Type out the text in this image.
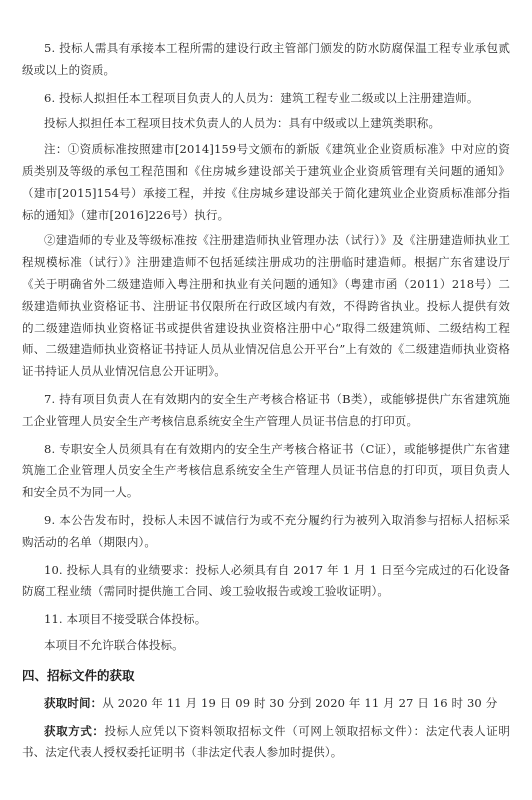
5. 投标人需具有承接本工程所需的建设行政主管部门颁发的防水防腐保温工程专业承包贰级或以上的资质。

6. 投标人拟担任本工程项目负责人的人员为：建筑工程专业二级或以上注册建造师。

投标人拟担任本工程项目技术负责人的人员为：具有中级或以上建筑类职称。

注：①资质标准按照建市[2014]159号文颁布的新版《建筑业企业资质标准》中对应的资质类别及等级的承包工程范围和《住房城乡建设部关于建筑业企业资质管理有关问题的通知》（建市[2015]154号）承接工程，并按《住房城乡建设部关于简化建筑业企业资质标准部分指标的通知》（建市[2016]226号）执行。

②建造师的专业及等级标准按《注册建造师执业管理办法（试行）》及《注册建造师执业工程规模标准（试行）》注册建造师不包括延续注册成功的注册临时建造师。根据广东省建设厅《关于明确省外二级建造师入粤注册和执业有关问题的通知》（粤建市函（2011）218号）二级建造师执业资格证书、注册证书仅限所在行政区域内有效，不得跨省执业。投标人提供有效的二级建造师执业资格证书或提供省建设执业资格注册中心“取得二级建筑师、二级结构工程师、二级建造师执业资格证书持证人员从业情况信息公开平台”上有效的《二级建造师执业资格证书持证人员从业情况信息公开证明》。

7. 持有项目负责人在有效期内的安全生产考核合格证书（B类），或能够提供广东省建筑施工企业管理人员安全生产考核信息系统安全生产管理人员证书信息的打印页。

8. 专职安全人员须具有在有效期内的安全生产考核合格证书（C证），或能够提供广东省建筑施工企业管理人员安全生产考核信息系统安全生产管理人员证书信息的打印页，项目负责人和安全员不为同一人。

9. 本公告发布时，投标人未因不诚信行为或不充分履约行为被列入取消参与招标人招标采购活动的名单（期限内）。

10. 投标人具有的业绩要求：投标人必须具有自 2017 年 1 月 1 日至今完成过的石化设备防腐工程业绩（需同时提供施工合同、竣工验收报告或竣工验收证明）。

11. 本项目不接受联合体投标。

本项目不允许联合体投标。

四、招标文件的获取

获取时间：从 2020 年 11 月 19 日 09 时 30 分到 2020 年 11 月 27 日 16 时 30 分

获取方式：投标人应凭以下资料领取招标文件（可网上领取招标文件）：法定代表人证明书、法定代表人授权委托证明书（非法定代表人参加时提供）。
